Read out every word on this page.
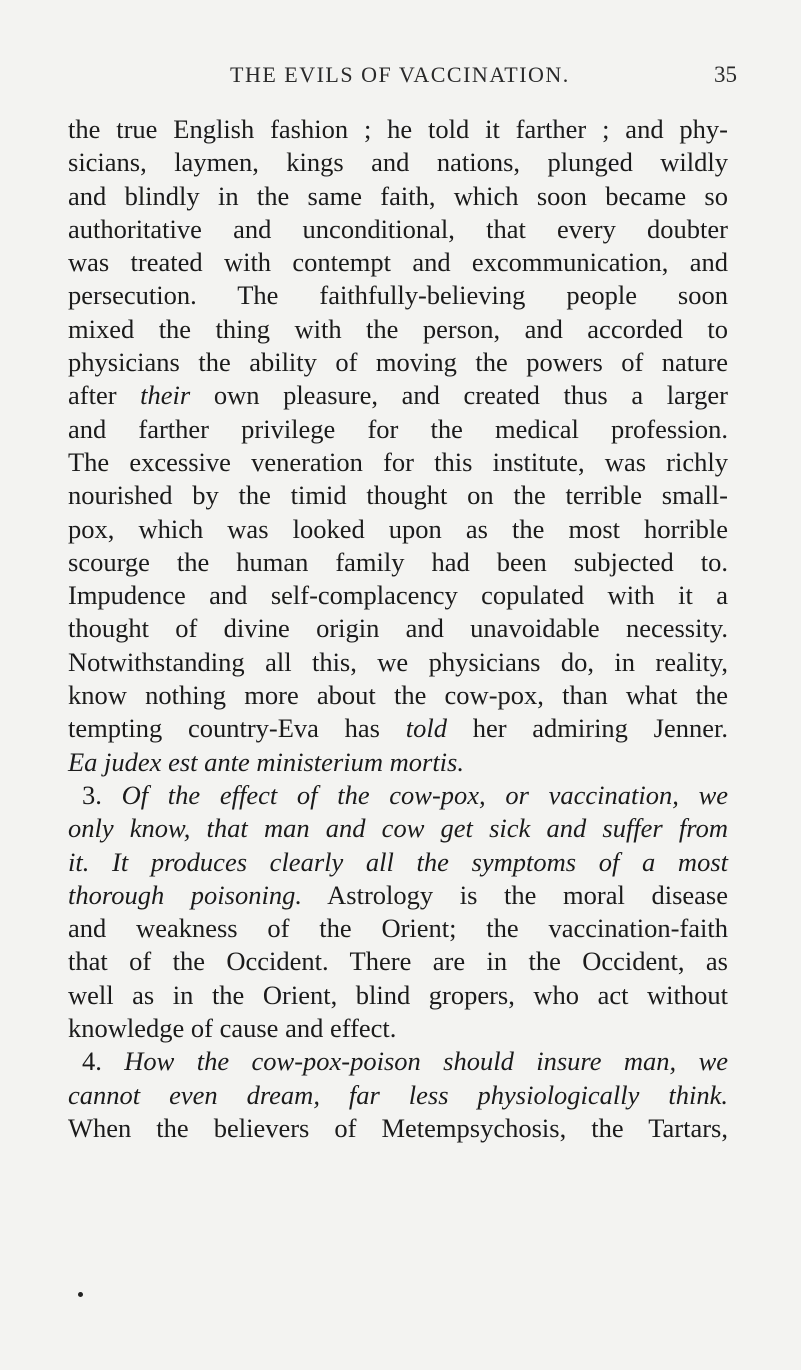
THE EVILS OF VACCINATION.	35
the true English fashion ; he told it farther ; and phy-
sicians, laymen, kings and nations, plunged wildly
and blindly in the same faith, which soon became so
authoritative and unconditional, that every doubter
was treated with contempt and excommunication, and
persecution. The faithfully-believing people soon
mixed the thing with the person, and accorded to
physicians the ability of moving the powers of nature
after their own pleasure, and created thus a larger
and farther privilege for the medical profession.
The excessive veneration for this institute, was richly
nourished by the timid thought on the terrible small-
pox, which was looked upon as the most horrible
scourge the human family had been subjected to.
Impudence and self-complacency copulated with it a
thought of divine origin and unavoidable necessity.
Notwithstanding all this, we physicians do, in reality,
know nothing more about the cow-pox, than what the
tempting country-Eva has told her admiring Jenner.
Ea judex est ante ministerium mortis.
3. Of the effect of the cow-pox, or vaccination, we
only know, that man and cow get sick and suffer from
it. It produces clearly all the symptoms of a most
thorough poisoning. Astrology is the moral disease
and weakness of the Orient; the vaccination-faith
that of the Occident. There are in the Occident, as
well as in the Orient, blind gropers, who act without
knowledge of cause and effect.
4. How the cow-pox-poison should insure man, we
cannot even dream, far less physiologically think.
When the believers of Metempsychosis, the Tartars,
